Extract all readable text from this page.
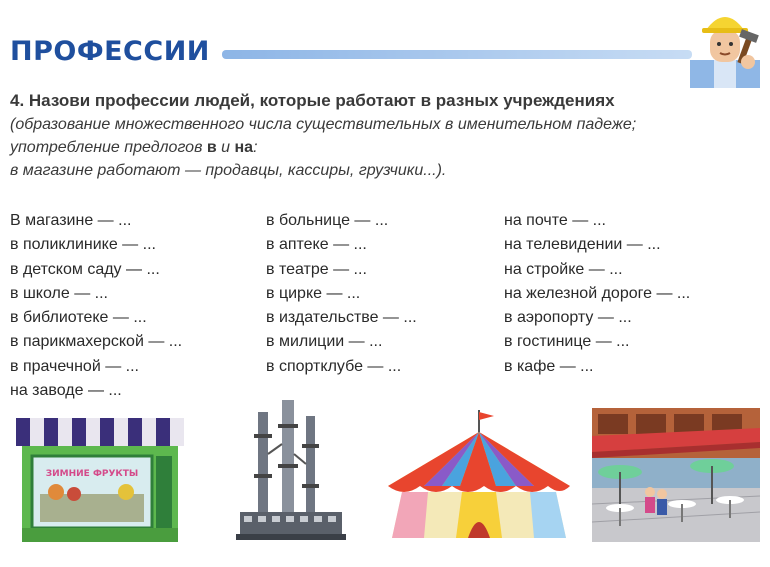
ПРОФЕССИИ
4. Назови профессии людей, которые работают в разных учреждениях
(образование множественного числа существительных в именительном падеже;
употребление предлогов в и на:
в магазине работают — продавцы, кассиры, грузчики...).
В магазине — ...
в поликлинике — ...
в детском саду — ...
в школе — ...
в библиотеке — ...
в парикмахерской — ...
в прачечной — ...
на заводе — ...
в больнице — ...
в аптеке — ...
в театре — ...
в цирке — ...
в издательстве — ...
в милиции — ...
в спортклубе — ...
на почте — ...
на телевидении — ...
на стройке — ...
на железной дороге — ...
в аэропорту — ...
в гостинице — ...
в кафе — ...
ЗИМНИЕ ФРУКТЫ
